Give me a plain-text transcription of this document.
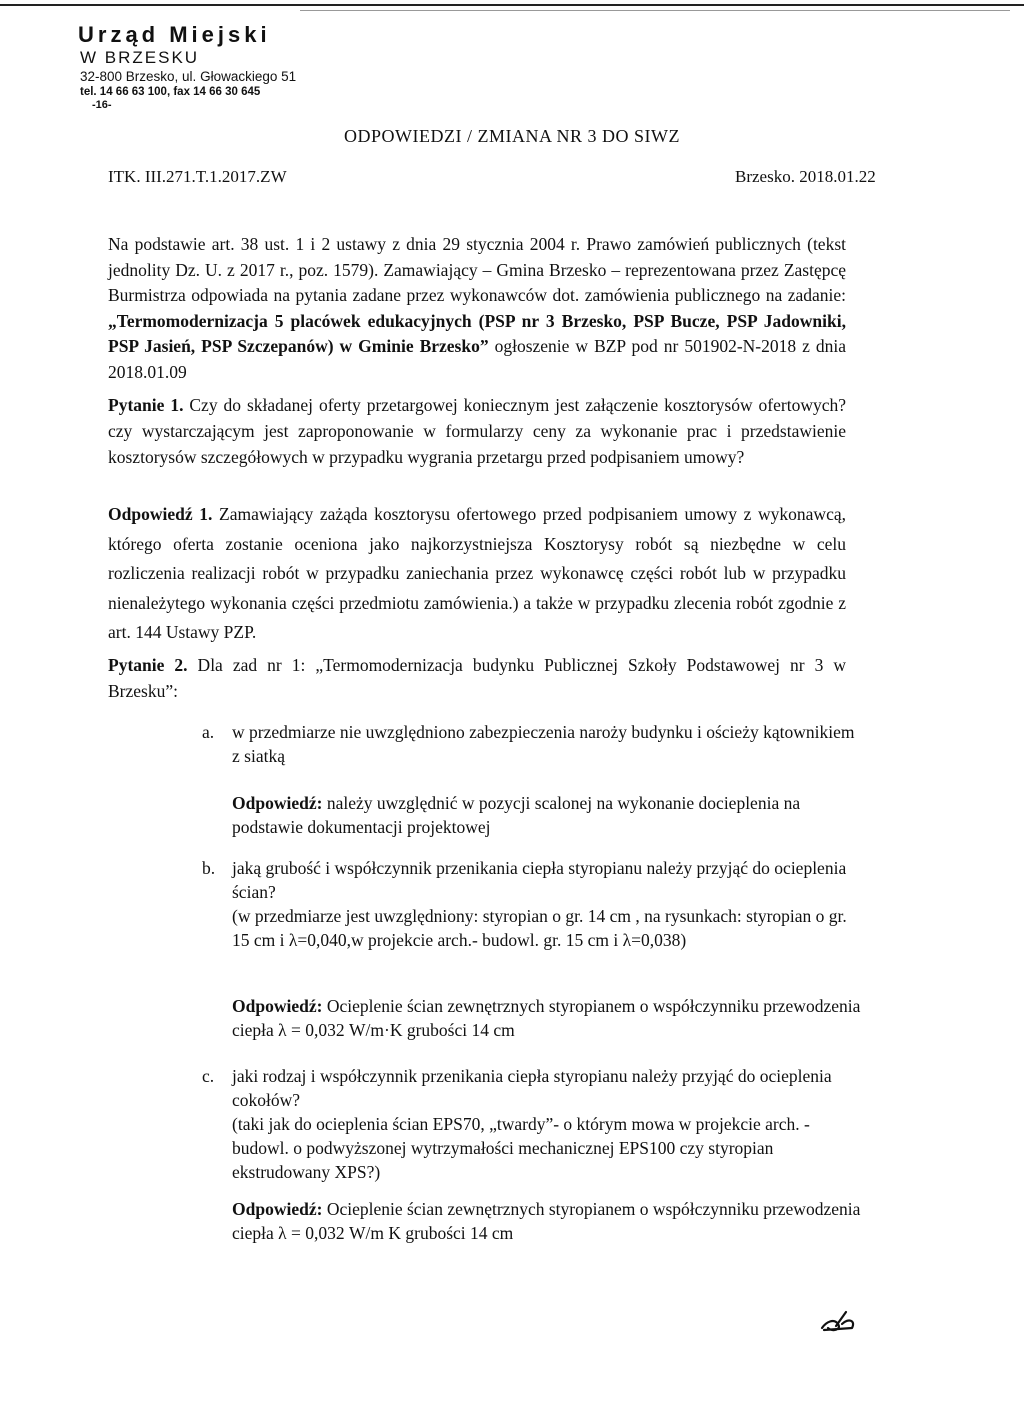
Urząd Miejski
W BRZESKU
32-800 Brzesko, ul. Głowackiego 51
tel. 14 66 63 100, fax 14 66 30 645
-16-
ODPOWIEDZI / ZMIANA NR 3 DO SIWZ
ITK. III.271.T.1.2017.ZW	Brzesko. 2018.01.22
Na podstawie art. 38 ust. 1 i 2 ustawy z dnia 29 stycznia 2004 r. Prawo zamówień publicznych (tekst jednolity Dz. U. z 2017 r., poz. 1579). Zamawiający – Gmina Brzesko – reprezentowana przez Zastępcę Burmistrza odpowiada na pytania zadane przez wykonawców dot. zamówienia publicznego na zadanie: „Termomodernizacja 5 placówek edukacyjnych (PSP nr 3 Brzesko, PSP Bucze, PSP Jadowniki, PSP Jasień, PSP Szczepanów) w Gminie Brzesko” ogłoszenie w BZP pod nr 501902-N-2018 z dnia 2018.01.09
Pytanie 1. Czy do składanej oferty przetargowej koniecznym jest załączenie kosztorysów ofertowych? czy wystarczającym jest zaproponowanie w formularzy ceny za wykonanie prac i przedstawienie kosztorysów szczegółowych w przypadku wygrania przetargu przed podpisaniem umowy?
Odpowiedź 1. Zamawiający zażąda kosztorysu ofertowego przed podpisaniem umowy z wykonawcą, którego oferta zostanie oceniona jako najkorzystniejsza Kosztorysy robót są niezbędne w celu rozliczenia realizacji robót w przypadku zaniechania przez wykonawcę części robót lub w przypadku nienależytego wykonania części przedmiotu zamówienia.) a także w przypadku zlecenia robót zgodnie z art. 144 Ustawy PZP.
Pytanie 2. Dla zad nr 1: „Termomodernizacja budynku Publicznej Szkoły Podstawowej nr 3 w Brzesku”:
a. w przedmiarze nie uwzględniono zabezpieczenia naroży budynku i ościeży kątownikiem z siatką

Odpowiedź: należy uwzględnić w pozycji scalonej na wykonanie docieplenia na podstawie dokumentacji projektowej
b. jaką grubość i współczynnik przenikania ciepła styropianu należy przyjąć do ocieplenia ścian?

(w przedmiarze jest uwzględniony: styropian o gr. 14 cm , na rysunkach: styropian o gr. 15 cm i λ=0,040,w projekcie arch.- budowl. gr. 15 cm i λ=0,038)

Odpowiedź: Ocieplenie ścian zewnętrznych styropianem o współczynniku przewodzenia ciepła λ = 0,032 W/m·K grubości 14 cm
c. jaki rodzaj i współczynnik przenikania ciepła styropianu należy przyjąć do ocieplenia cokołów?

(taki jak do ocieplenia ścian EPS70, „twardy”- o którym mowa w projekcie arch. -budowl. o podwyższonej wytrzymałości mechanicznej EPS100 czy styropian ekstrudowany XPS?)

Odpowiedź: Ocieplenie ścian zewnętrznych styropianem o współczynniku przewodzenia ciepła λ = 0,032 W/m K grubości 14 cm
